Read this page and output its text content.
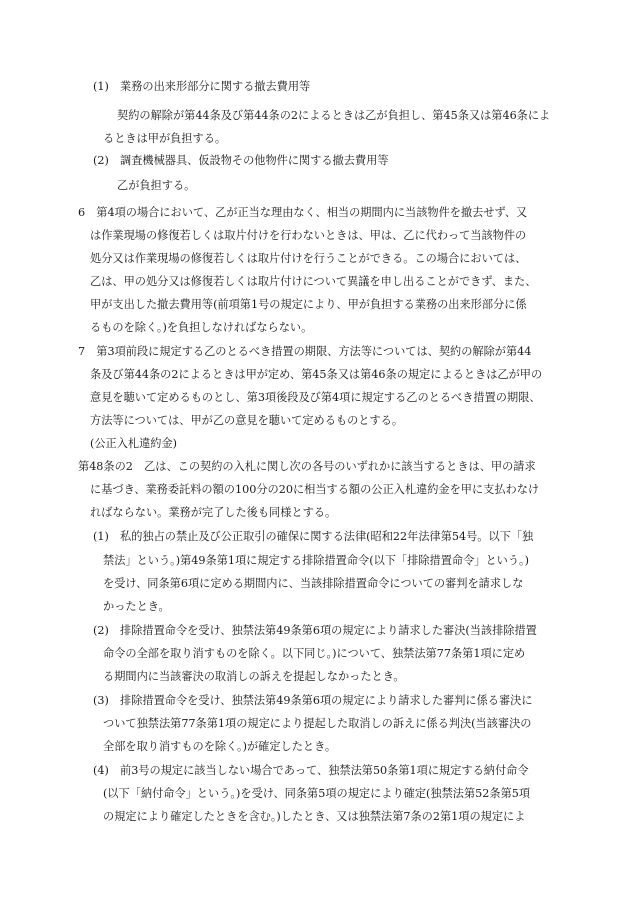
(1)　業務の出来形部分に関する撤去費用等
契約の解除が第44条及び第44条の2によるときは乙が負担し、第45条又は第46条によ
るときは甲が負担する。
(2)　調査機械器具、仮設物その他物件に関する撤去費用等
乙が負担する。
6　第4項の場合において、乙が正当な理由なく、相当の期間内に当該物件を撤去せず、又
は作業現場の修復若しくは取片付けを行わないときは、甲は、乙に代わって当該物件の
処分又は作業現場の修復若しくは取片付けを行うことができる。この場合においては、
乙は、甲の処分又は修復若しくは取片付けについて異議を申し出ることができず、また、
甲が支出した撤去費用等(前項第1号の規定により、甲が負担する業務の出来形部分に係
るものを除く。)を負担しなければならない。
7　第3項前段に規定する乙のとるべき措置の期限、方法等については、契約の解除が第44
条及び第44条の2によるときは甲が定め、第45条又は第46条の規定によるときは乙が甲の
意見を聴いて定めるものとし、第3項後段及び第4項に規定する乙のとるべき措置の期限、
方法等については、甲が乙の意見を聴いて定めるものとする。
(公正入札違約金)
第48条の2　乙は、この契約の入札に関し次の各号のいずれかに該当するときは、甲の請求
に基づき、業務委託料の額の100分の20に相当する額の公正入札違約金を甲に支払わなけ
ればならない。業務が完了した後も同様とする。
(1)　私的独占の禁止及び公正取引の確保に関する法律(昭和22年法律第54号。以下「独
禁法」という。)第49条第1項に規定する排除措置命令(以下「排除措置命令」という。)
を受け、同条第6項に定める期間内に、当該排除措置命令についての審判を請求しな
かったとき。
(2)　排除措置命令を受け、独禁法第49条第6項の規定により請求した審決(当該排除措置
命令の全部を取り消すものを除く。以下同じ。)について、独禁法第77条第1項に定め
る期間内に当該審決の取消しの訴えを提起しなかったとき。
(3)　排除措置命令を受け、独禁法第49条第6項の規定により請求した審判に係る審決に
ついて独禁法第77条第1項の規定により提起した取消しの訴えに係る判決(当該審決の
全部を取り消すものを除く。)が確定したとき。
(4)　前3号の規定に該当しない場合であって、独禁法第50条第1項に規定する納付命令
(以下「納付命令」という。)を受け、同条第5項の規定により確定(独禁法第52条第5項
の規定により確定したときを含む。)したとき、又は独禁法第7条の2第1項の規定によ
